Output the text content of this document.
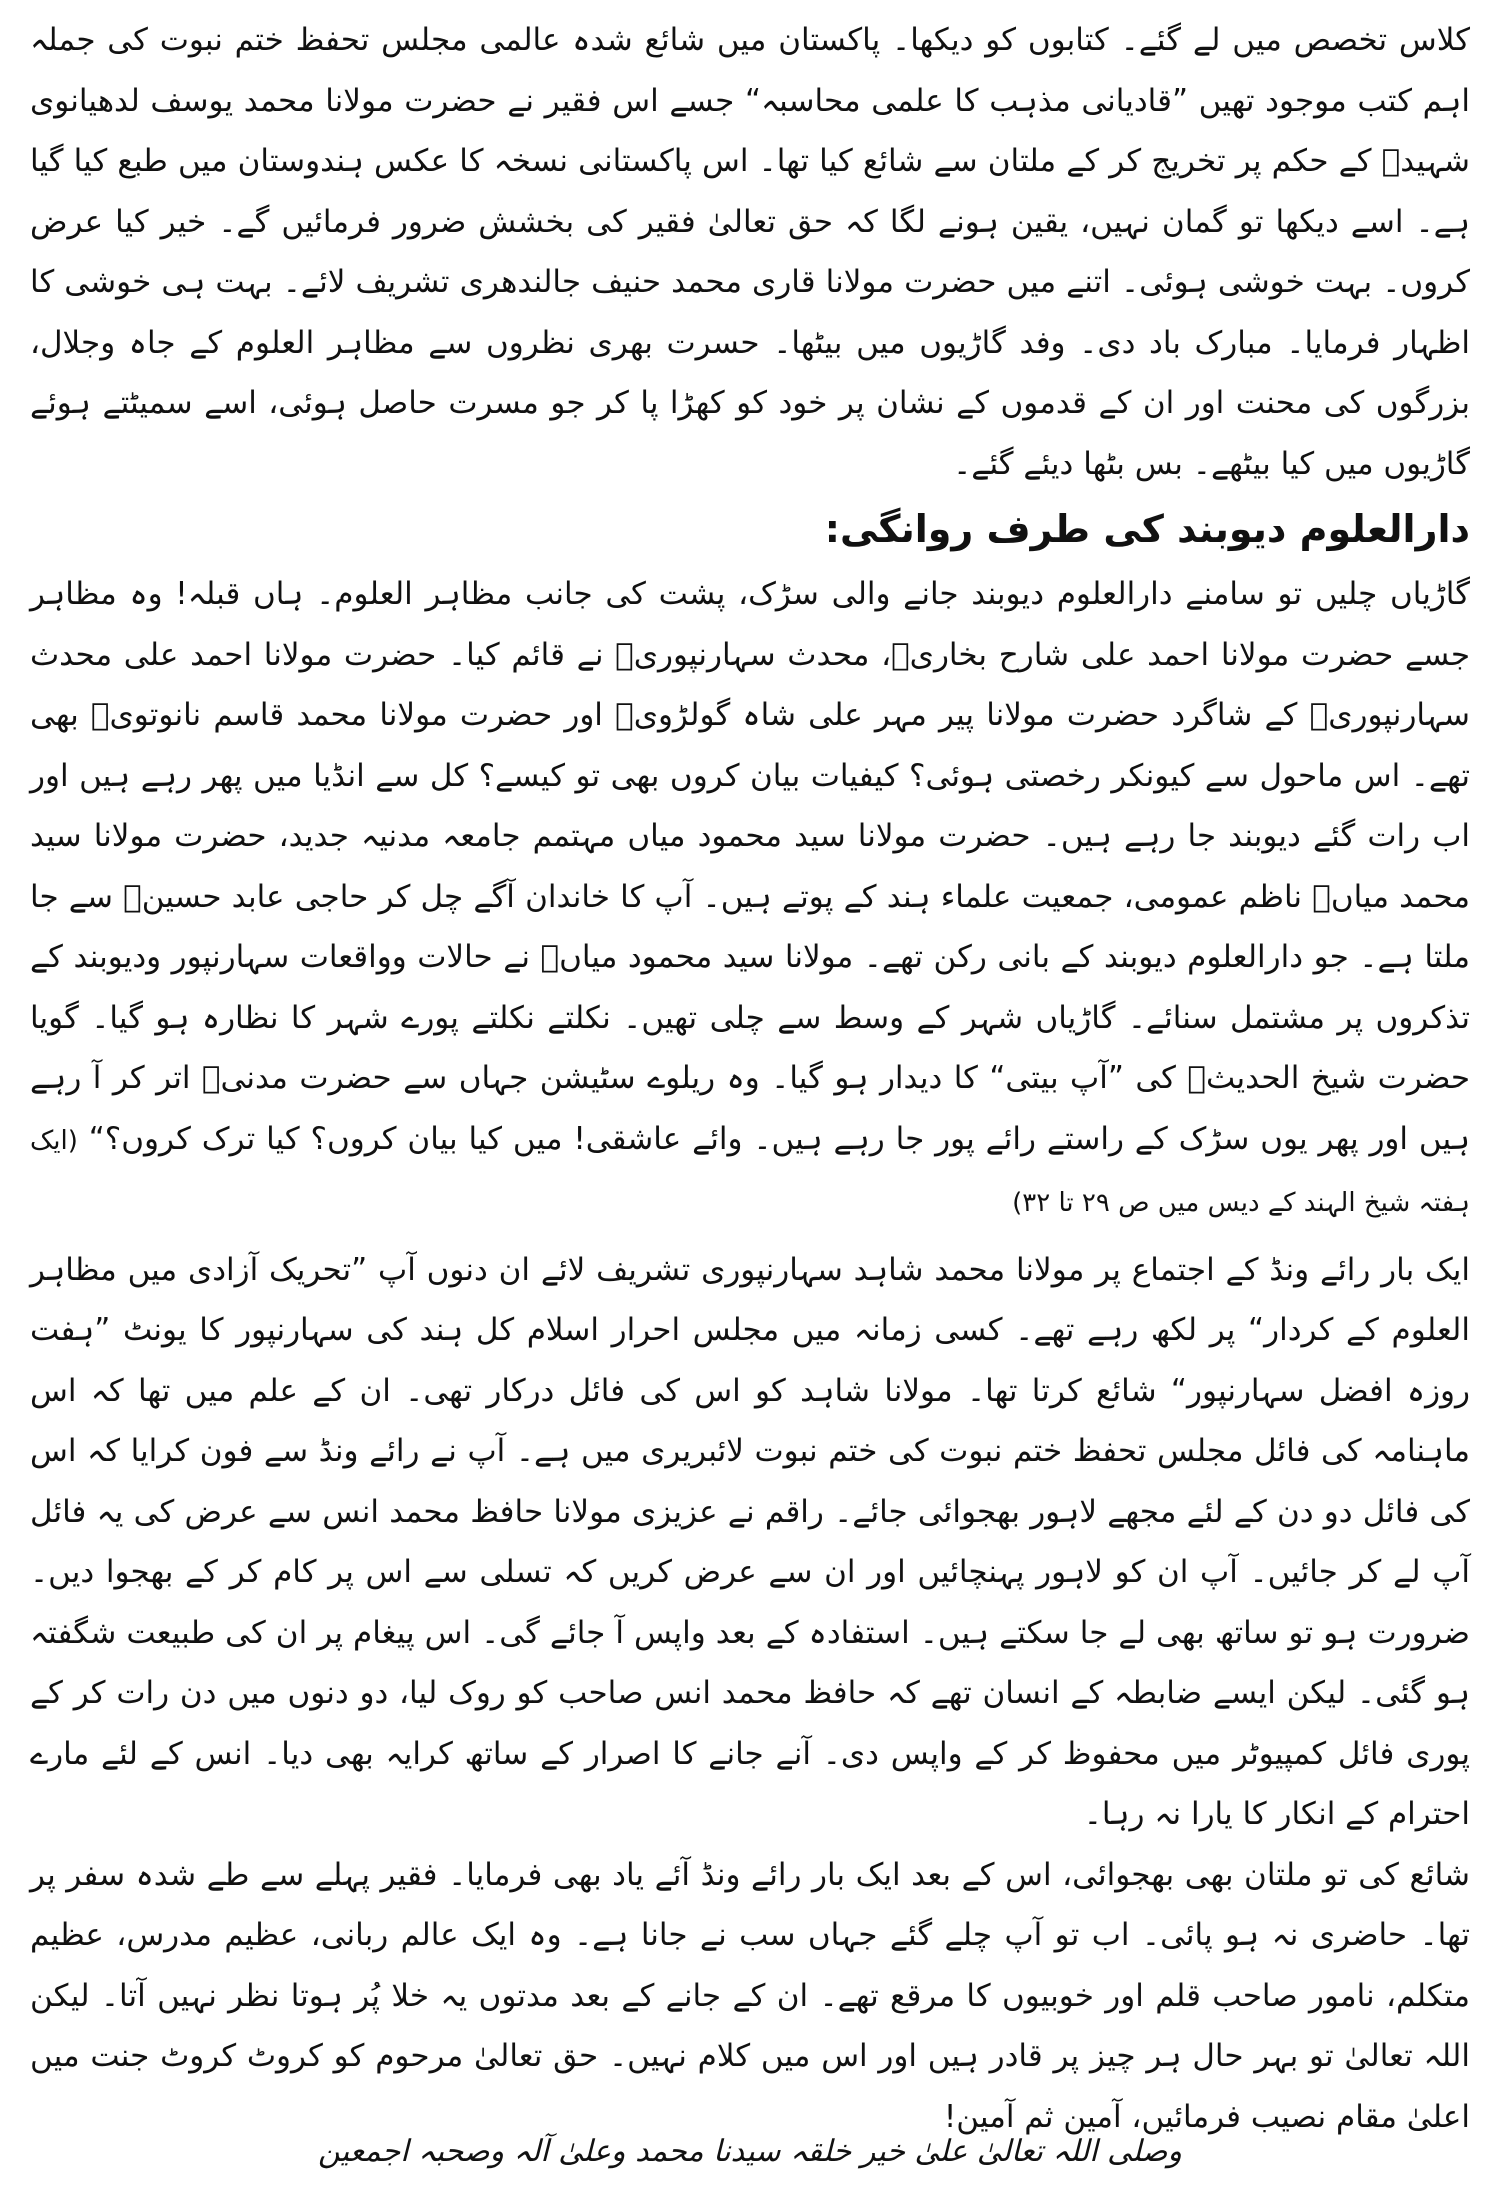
کلاس تخصص میں لے گئے۔ کتابوں کو دیکھا۔ پاکستان میں شائع شدہ عالمی مجلس تحفظ ختم نبوت کی جملہ اہم کتب موجود تھیں ”قادیانی مذہب کا علمی محاسبہ“ جسے اس فقیر نے حضرت مولانا محمد یوسف لدھیانوی شہیدؒ کے حکم پر تخریج کر کے ملتان سے شائع کیا تھا۔ اس پاکستانی نسخہ کا عکس ہندوستان میں طبع کیا گیا ہے۔ اسے دیکھا تو گمان نہیں، یقین ہونے لگا کہ حق تعالیٰ فقیر کی بخشش ضرور فرمائیں گے۔ خیر کیا عرض کروں۔ بہت خوشی ہوئی۔ اتنے میں حضرت مولانا قاری محمد حنیف جالندھری تشریف لائے۔ بہت ہی خوشی کا اظہار فرمایا۔ مبارک باد دی۔ وفد گاڑیوں میں بیٹھا۔ حسرت بھری نظروں سے مظاہر العلوم کے جاہ وجلال، بزرگوں کی محنت اور ان کے قدموں کے نشان پر خود کو کھڑا پا کر جو مسرت حاصل ہوئی، اسے سمیٹتے ہوئے گاڑیوں میں کیا بیٹھے۔ بس بٹھا دیئے گئے۔

دارالعلوم دیوبند کی طرف روانگی:

گاڑیاں چلیں تو سامنے دارالعلوم دیوبند جانے والی سڑک، پشت کی جانب مظاہر العلوم۔ ہاں قبلہ! وہ مظاہر جسے حضرت مولانا احمد علی شارح بخاریؒ، محدث سہارنپوریؒ نے قائم کیا۔ حضرت مولانا احمد علی محدث سہارنپوریؒ کے شاگرد حضرت مولانا پیر مہر علی شاہ گولڑویؒ اور حضرت مولانا محمد قاسم نانوتویؒ بھی تھے۔ اس ماحول سے کیونکر رخصتی ہوئی؟ کیفیات بیان کروں بھی تو کیسے؟ کل سے انڈیا میں پھر رہے ہیں اور اب رات گئے دیوبند جا رہے ہیں۔ حضرت مولانا سید محمود میاں مہتمم جامعہ مدنیہ جدید، حضرت مولانا سید محمد میاںؒ ناظم عمومی، جمعیت علماء ہند کے پوتے ہیں۔ آپ کا خاندان آگے چل کر حاجی عابد حسینؒ سے جا ملتا ہے۔ جو دارالعلوم دیوبند کے بانی رکن تھے۔ مولانا سید محمود میاںؒ نے حالات وواقعات سہارنپور ودیوبند کے تذکروں پر مشتمل سنائے۔ گاڑیاں شہر کے وسط سے چلی تھیں۔ نکلتے نکلتے پورے شہر کا نظارہ ہو گیا۔ گویا حضرت شیخ الحدیثؒ کی ”آپ بیتی“ کا دیدار ہو گیا۔ وہ ریلوے سٹیشن جہاں سے حضرت مدنیؒ اتر کر آ رہے ہیں اور پھر یوں سڑک کے راستے رائے پور جا رہے ہیں۔ وائے عاشقی! میں کیا بیان کروں؟ کیا ترک کروں؟“ (ایک ہفتہ شیخ الہند کے دیس میں ص ۲۹ تا ۳۲)

ایک بار رائے ونڈ کے اجتماع پر مولانا محمد شاہد سہارنپوری تشریف لائے ان دنوں آپ ”تحریک آزادی میں مظاہر العلوم کے کردار“ پر لکھ رہے تھے۔ کسی زمانہ میں مجلس احرار اسلام کل ہند کی سہارنپور کا یونٹ ”ہفت روزہ افضل سہارنپور“ شائع کرتا تھا۔ مولانا شاہد کو اس کی فائل درکار تھی۔ ان کے علم میں تھا کہ اس ماہنامہ کی فائل مجلس تحفظ ختم نبوت کی ختم نبوت لائبریری میں ہے۔ آپ نے رائے ونڈ سے فون کرایا کہ اس کی فائل دو دن کے لئے مجھے لاہور بھجوائی جائے۔ راقم نے عزیزی مولانا حافظ محمد انس سے عرض کی یہ فائل آپ لے کر جائیں۔ آپ ان کو لاہور پہنچائیں اور ان سے عرض کریں کہ تسلی سے اس پر کام کر کے بھجوا دیں۔ ضرورت ہو تو ساتھ بھی لے جا سکتے ہیں۔ استفادہ کے بعد واپس آ جائے گی۔ اس پیغام پر ان کی طبیعت شگفتہ ہو گئی۔ لیکن ایسے ضابطہ کے انسان تھے کہ حافظ محمد انس صاحب کو روک لیا، دو دنوں میں دن رات کر کے پوری فائل کمپیوٹر میں محفوظ کر کے واپس دی۔ آنے جانے کا اصرار کے ساتھ کرایہ بھی دیا۔ انس کے لئے مارے احترام کے انکار کا یارا نہ رہا۔

شائع کی تو ملتان بھی بھجوائی، اس کے بعد ایک بار رائے ونڈ آئے یاد بھی فرمایا۔ فقیر پہلے سے طے شدہ سفر پر تھا۔ حاضری نہ ہو پائی۔ اب تو آپ چلے گئے جہاں سب نے جانا ہے۔ وہ ایک عالم ربانی، عظیم مدرس، عظیم متکلم، نامور صاحب قلم اور خوبیوں کا مرقع تھے۔ ان کے جانے کے بعد مدتوں یہ خلا پُر ہوتا نظر نہیں آتا۔ لیکن اللہ تعالیٰ تو بہر حال ہر چیز پر قادر ہیں اور اس میں کلام نہیں۔ حق تعالیٰ مرحوم کو کروٹ کروٹ جنت میں اعلیٰ مقام نصیب فرمائیں، آمین ثم آمین!

وصلی اللہ تعالیٰ علیٰ خیر خلقہ سیدنا محمد وعلیٰ آلہ وصحبہ اجمعین
